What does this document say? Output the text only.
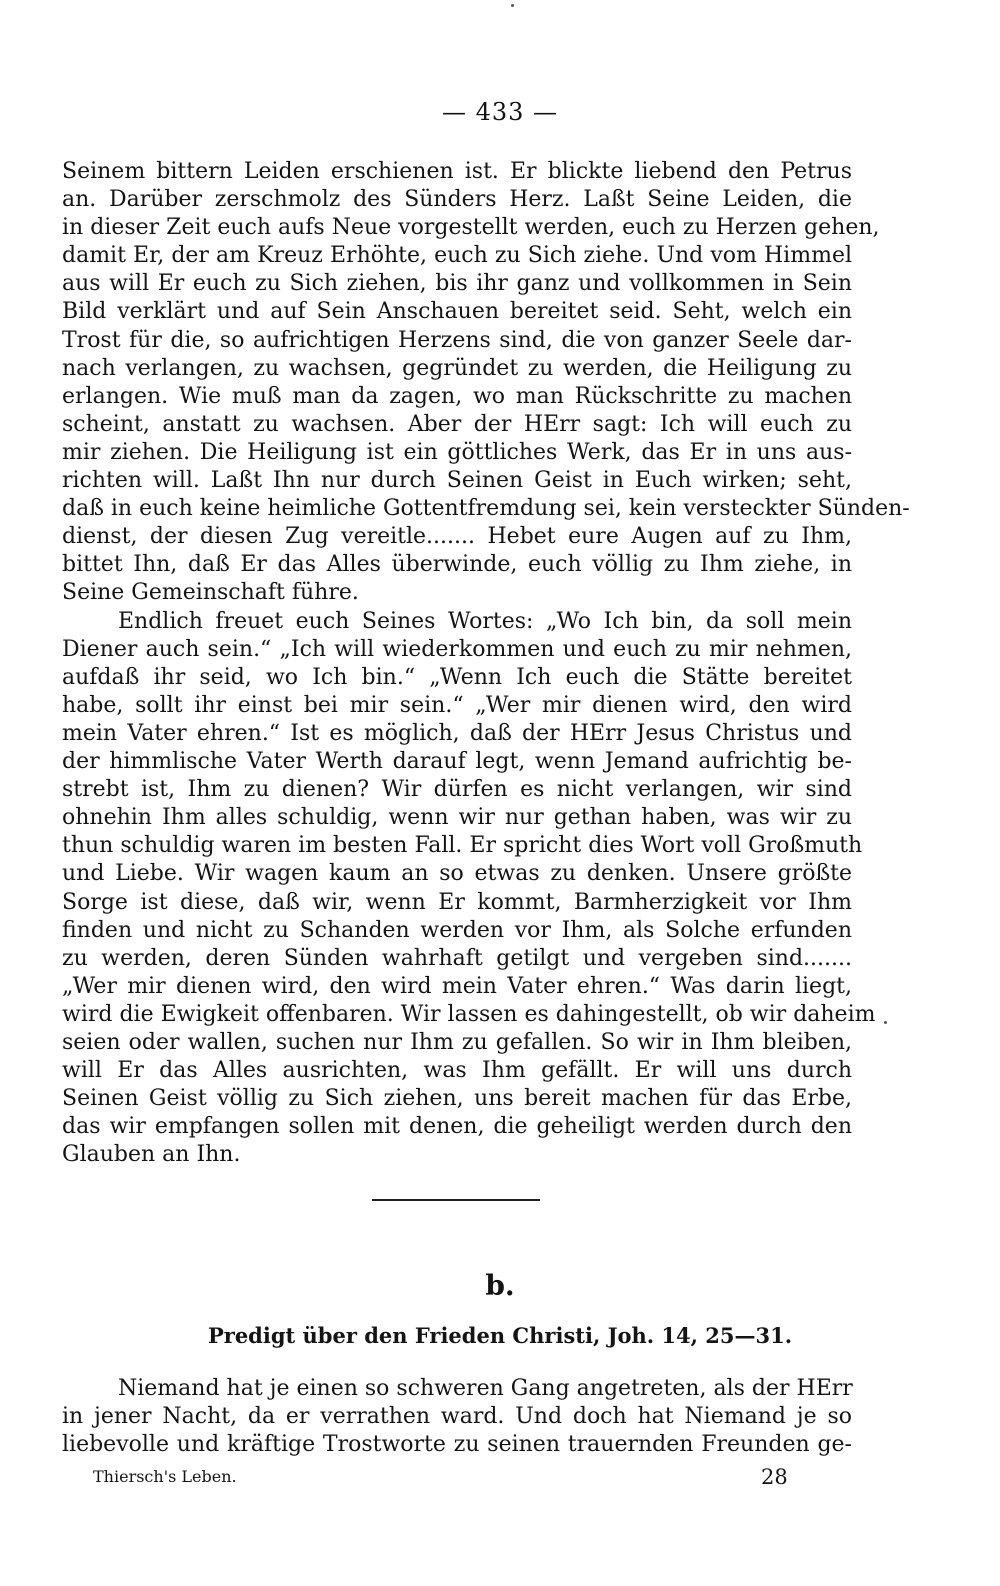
— 433 —

Seinem bittern Leiden erschienen ist. Er blickte liebend den Petrus
an. Darüber zerschmolz des Sünders Herz. Laßt Seine Leiden, die
in dieser Zeit euch aufs Neue vorgestellt werden, euch zu Herzen gehen,
damit Er, der am Kreuz Erhöhte, euch zu Sich ziehe. Und vom Himmel
aus will Er euch zu Sich ziehen, bis ihr ganz und vollkommen in Sein
Bild verklärt und auf Sein Anschauen bereitet seid. Seht, welch ein
Trost für die, so aufrichtigen Herzens sind, die von ganzer Seele dar-
nach verlangen, zu wachsen, gegründet zu werden, die Heiligung zu
erlangen. Wie muß man da zagen, wo man Rückschritte zu machen
scheint, anstatt zu wachsen. Aber der HErr sagt: Ich will euch zu
mir ziehen. Die Heiligung ist ein göttliches Werk, das Er in uns aus-
richten will. Laßt Ihn nur durch Seinen Geist in Euch wirken; seht,
daß in euch keine heimliche Gottentfremdung sei, kein versteckter Sünden-
dienst, der diesen Zug vereitle....... Hebet eure Augen auf zu Ihm,
bittet Ihn, daß Er das Alles überwinde, euch völlig zu Ihm ziehe, in
Seine Gemeinschaft führe.
Endlich freuet euch Seines Wortes: „Wo Ich bin, da soll mein
Diener auch sein.“ „Ich will wiederkommen und euch zu mir nehmen,
aufdaß ihr seid, wo Ich bin.“ „Wenn Ich euch die Stätte bereitet
habe, sollt ihr einst bei mir sein.“ „Wer mir dienen wird, den wird
mein Vater ehren.“ Ist es möglich, daß der HErr Jesus Christus und
der himmlische Vater Werth darauf legt, wenn Jemand aufrichtig be-
strebt ist, Ihm zu dienen? Wir dürfen es nicht verlangen, wir sind
ohnehin Ihm alles schuldig, wenn wir nur gethan haben, was wir zu
thun schuldig waren im besten Fall. Er spricht dies Wort voll Großmuth
und Liebe. Wir wagen kaum an so etwas zu denken. Unsere größte
Sorge ist diese, daß wir, wenn Er kommt, Barmherzigkeit vor Ihm
finden und nicht zu Schanden werden vor Ihm, als Solche erfunden
zu werden, deren Sünden wahrhaft getilgt und vergeben sind.......
„Wer mir dienen wird, den wird mein Vater ehren.“ Was darin liegt,
wird die Ewigkeit offenbaren. Wir lassen es dahingestellt, ob wir daheim
seien oder wallen, suchen nur Ihm zu gefallen. So wir in Ihm bleiben,
will Er das Alles ausrichten, was Ihm gefällt. Er will uns durch
Seinen Geist völlig zu Sich ziehen, uns bereit machen für das Erbe,
das wir empfangen sollen mit denen, die geheiligt werden durch den
Glauben an Ihn.

b.

Predigt über den Frieden Christi, Joh. 14, 25—31.

Niemand hat je einen so schweren Gang angetreten, als der HErr
in jener Nacht, da er verrathen ward. Und doch hat Niemand je so
liebevolle und kräftige Trostworte zu seinen trauernden Freunden ge-
Thiersch's Leben.	28
